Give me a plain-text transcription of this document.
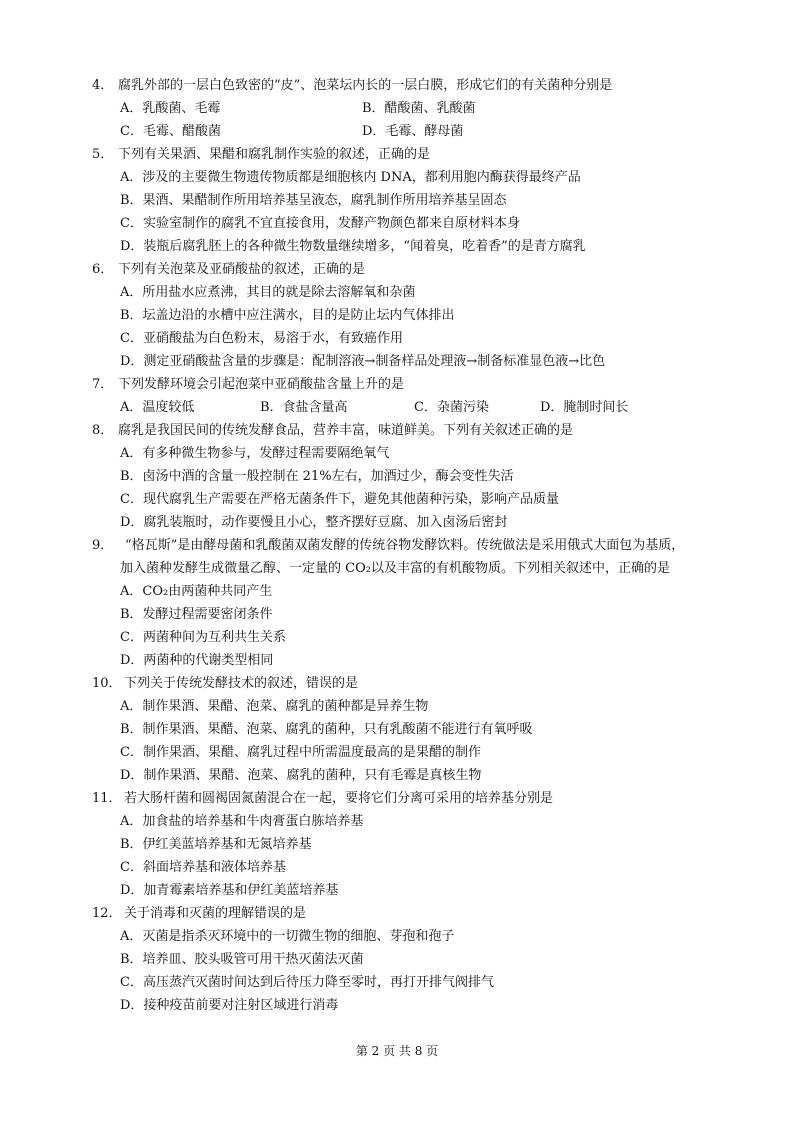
4． 腐乳外部的一层白色致密的“皮”、泡菜坛内长的一层白膜，形成它们的有关菌种分别是
A．乳酸菌、毛霉	B．醋酸菌、乳酸菌
C．毛霉、醋酸菌	D．毛霉、酵母菌
5． 下列有关果酒、果醋和腐乳制作实验的叙述，正确的是
A．涉及的主要微生物遗传物质都是细胞核内 DNA，都利用胞内酶获得最终产品
B．果酒、果醋制作所用培养基呈液态，腐乳制作所用培养基呈固态
C．实验室制作的腐乳不宜直接食用，发酵产物颜色都来自原材料本身
D．装瓶后腐乳胚上的各种微生物数量继续增多，“闻着臭，吃着香”的是青方腐乳
6． 下列有关泡菜及亚硝酸盐的叙述，正确的是
A．所用盐水应煮沸，其目的就是除去溶解氧和杂菌
B．坛盖边沿的水槽中应注满水，目的是防止坛内气体排出
C．亚硝酸盐为白色粉末，易溶于水，有致癌作用
D．测定亚硝酸盐含量的步骤是：配制溶液→制备样品处理液→制备标准显色液→比色
7． 下列发酵环境会引起泡菜中亚硝酸盐含量上升的是
A．温度较低	B．食盐含量高	C．杂菌污染	D．腌制时间长
8． 腐乳是我国民间的传统发酵食品，营养丰富，味道鲜美。下列有关叙述正确的是
A．有多种微生物参与，发酵过程需要隔绝氧气
B．卤汤中酒的含量一般控制在 21%左右，加酒过少，酶会变性失活
C．现代腐乳生产需要在严格无菌条件下，避免其他菌种污染，影响产品质量
D．腐乳装瓶时，动作要慢且小心，整齐摆好豆腐、加入卤汤后密封
9． “格瓦斯”是由酵母菌和乳酸菌双菌发酵的传统谷物发酵饮料。传统做法是采用俄式大面包为基质，
加入菌种发酵生成微量乙醇、一定量的 CO₂以及丰富的有机酸物质。下列相关叙述中，正确的是
A．CO₂由两菌种共同产生
B．发酵过程需要密闭条件
C．两菌种间为互利共生关系
D．两菌种的代谢类型相同
10． 下列关于传统发酵技术的叙述，错误的是
A．制作果酒、果醋、泡菜、腐乳的菌种都是异养生物
B．制作果酒、果醋、泡菜、腐乳的菌种，只有乳酸菌不能进行有氧呼吸
C．制作果酒、果醋、腐乳过程中所需温度最高的是果醋的制作
D．制作果酒、果醋、泡菜、腐乳的菌种，只有毛霉是真核生物
11． 若大肠杆菌和圆褐固氮菌混合在一起，要将它们分离可采用的培养基分别是
A．加食盐的培养基和牛肉膏蛋白胨培养基
B．伊红美蓝培养基和无氮培养基
C．斜面培养基和液体培养基
D．加青霉素培养基和伊红美蓝培养基
12． 关于消毒和灭菌的理解错误的是
A．灭菌是指杀灭环境中的一切微生物的细胞、芽孢和孢子
B．培养皿、胶头吸管可用干热灭菌法灭菌
C．高压蒸汽灭菌时间达到后待压力降至零时，再打开排气阀排气
D．接种疫苗前要对注射区域进行消毒
第 2 页 共 8 页
